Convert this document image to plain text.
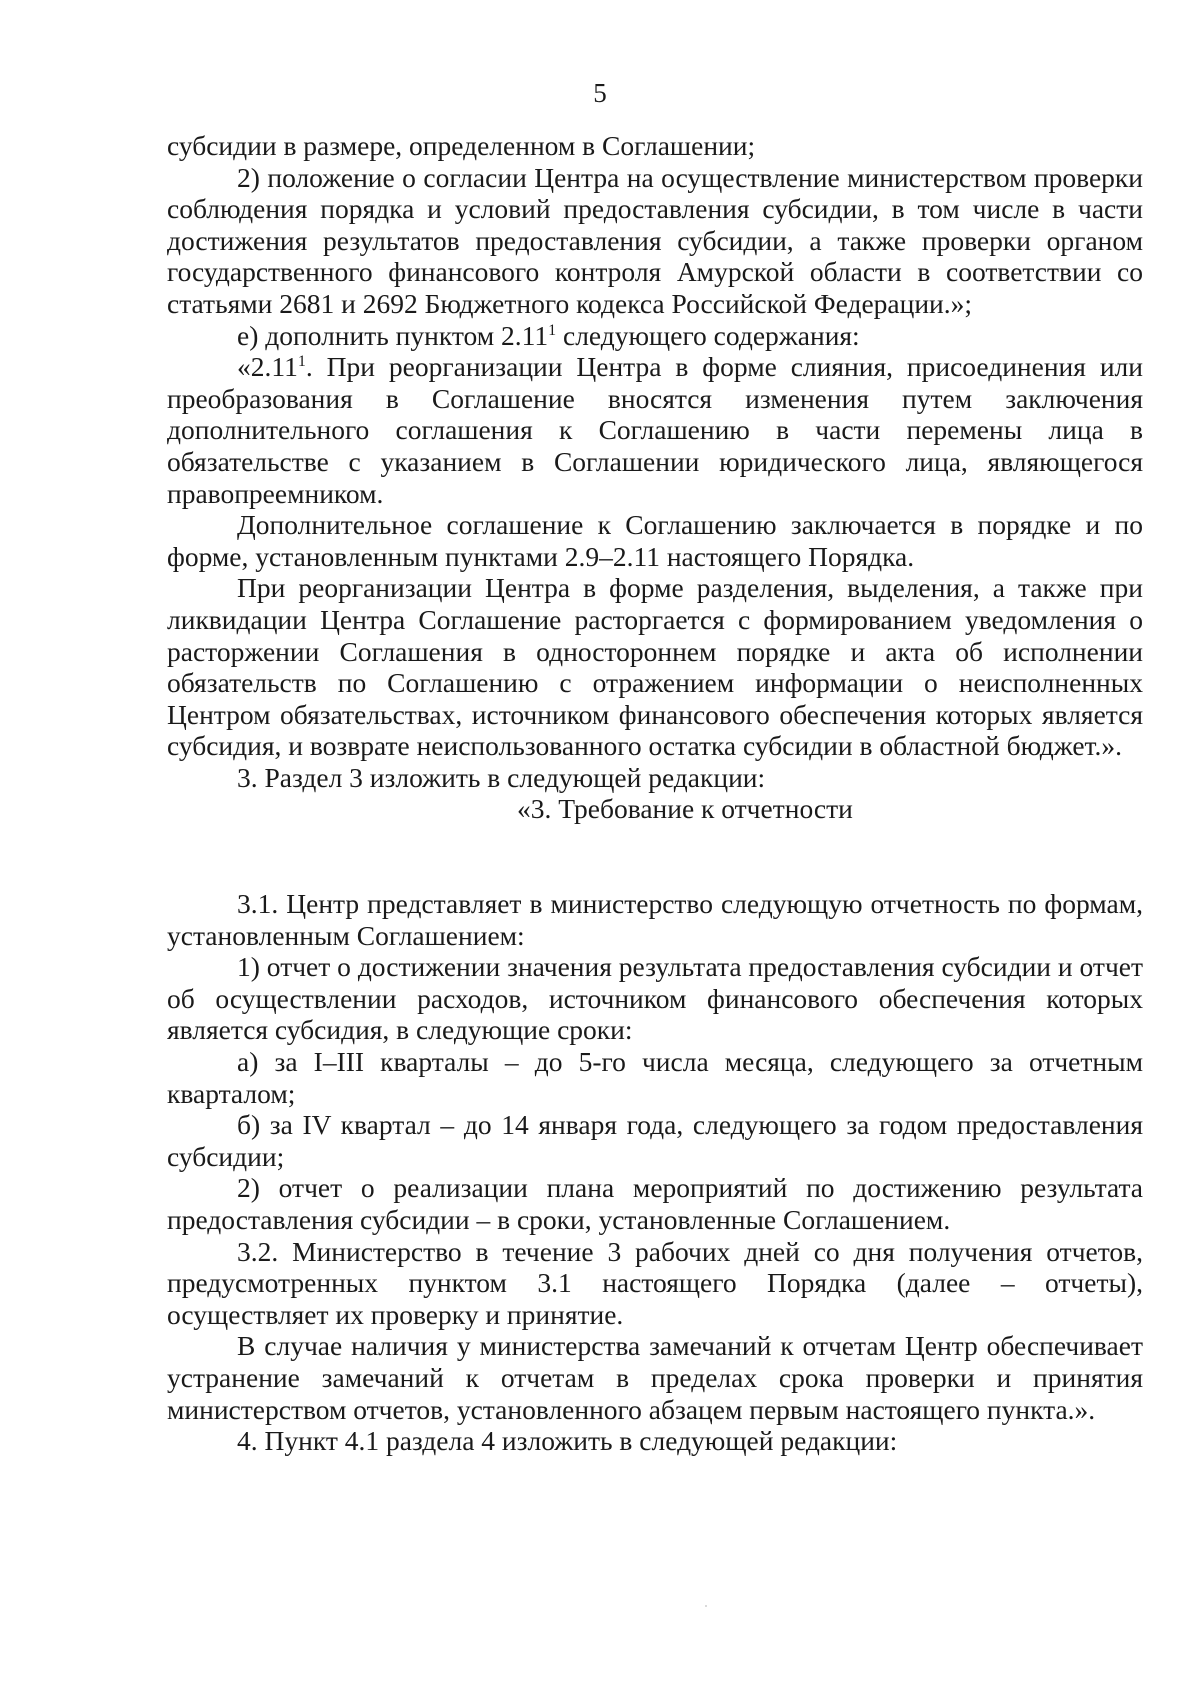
5

субсидии в размере, определенном в Соглашении;

2) положение о согласии Центра на осуществление министерством проверки соблюдения порядка и условий предоставления субсидии, в том числе в части достижения результатов предоставления субсидии, а также проверки органом государственного финансового контроля Амурской области в соответствии со статьями 2681 и 2692 Бюджетного кодекса Российской Федерации.»;

е) дополнить пунктом 2.11$^1$ следующего содержания:

«2.11$^1$. При реорганизации Центра в форме слияния, присоединения или преобразования в Соглашение вносятся изменения путем заключения дополнительного соглашения к Соглашению в части перемены лица в обязательстве с указанием в Соглашении юридического лица, являющегося правопреемником.

Дополнительное соглашение к Соглашению заключается в порядке и по форме, установленным пунктами 2.9–2.11 настоящего Порядка.

При реорганизации Центра в форме разделения, выделения, а также при ликвидации Центра Соглашение расторгается с формированием уведомления о расторжении Соглашения в одностороннем порядке и акта об исполнении обязательств по Соглашению с отражением информации о неисполненных Центром обязательствах, источником финансового обеспечения которых является субсидия, и возврате неиспользованного остатка субсидии в областной бюджет.».

3. Раздел 3 изложить в следующей редакции:

«3. Требование к отчетности

3.1. Центр представляет в министерство следующую отчетность по формам, установленным Соглашением:

1) отчет о достижении значения результата предоставления субсидии и отчет об осуществлении расходов, источником финансового обеспечения которых является субсидия, в следующие сроки:

а) за I–III кварталы – до 5-го числа месяца, следующего за отчетным кварталом;

б) за IV квартал – до 14 января года, следующего за годом предоставления субсидии;

2) отчет о реализации плана мероприятий по достижению результата предоставления субсидии – в сроки, установленные Соглашением.

3.2. Министерство в течение 3 рабочих дней со дня получения отчетов, предусмотренных пунктом 3.1 настоящего Порядка (далее – отчеты), осуществляет их проверку и принятие.

В случае наличия у министерства замечаний к отчетам Центр обеспечивает устранение замечаний к отчетам в пределах срока проверки и принятия министерством отчетов, установленного абзацем первым настоящего пункта.».

4. Пункт 4.1 раздела 4 изложить в следующей редакции:
